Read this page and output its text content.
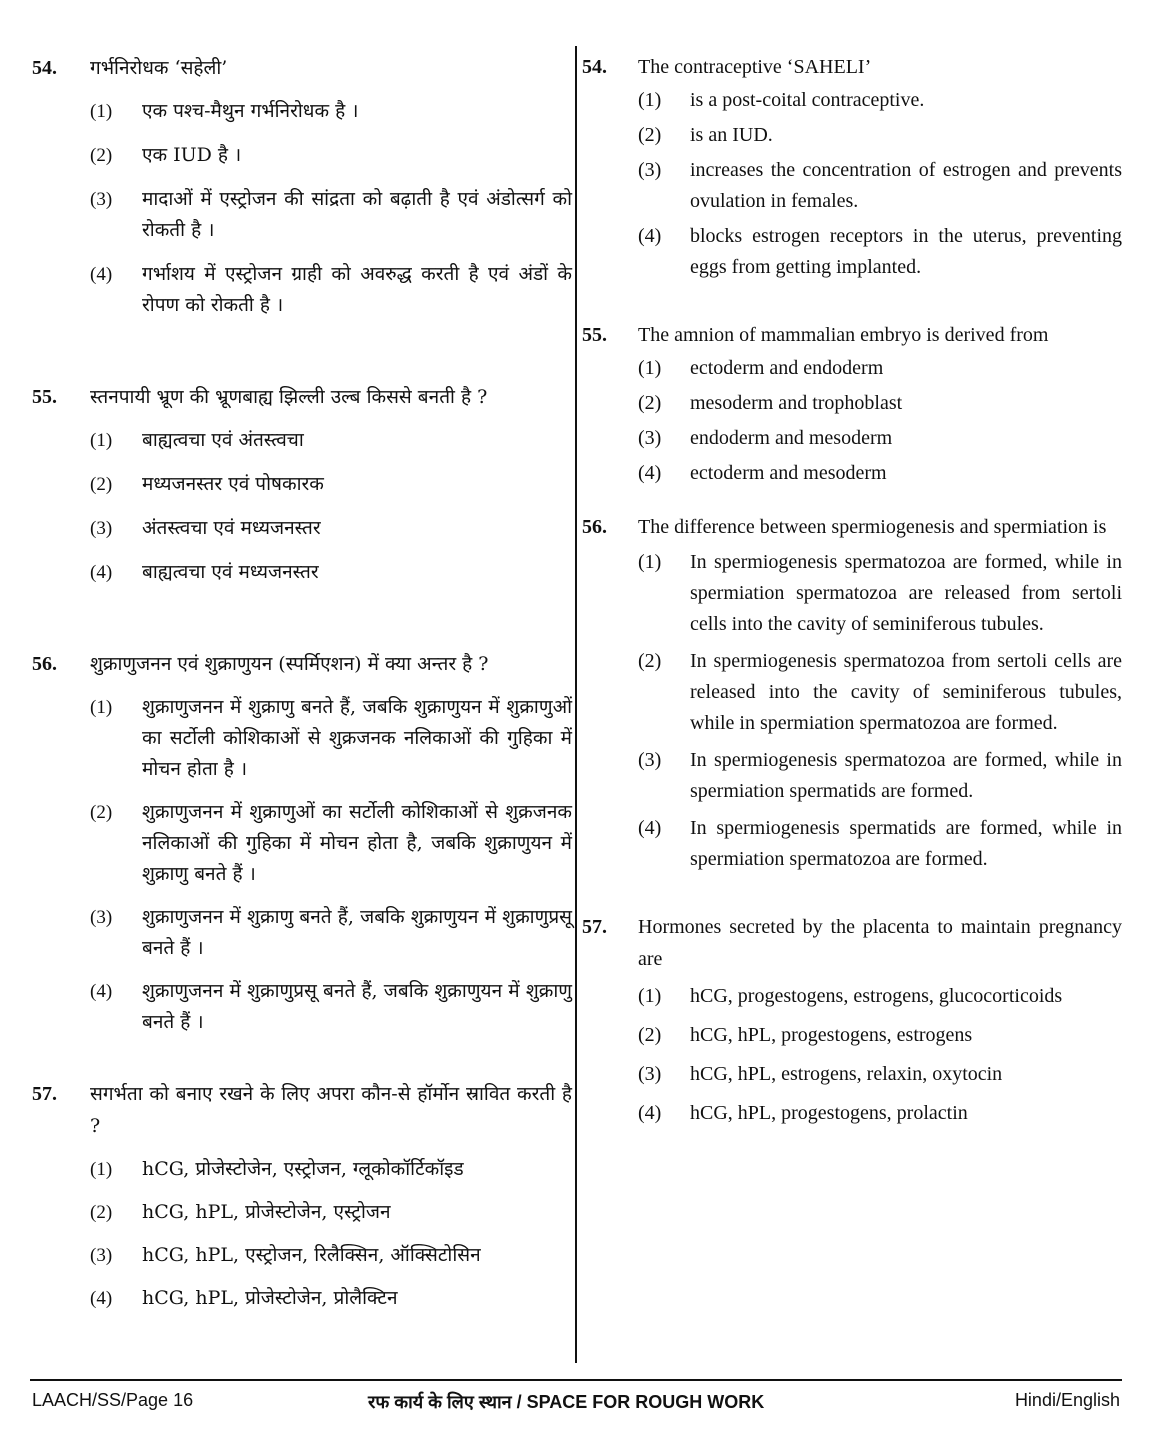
54.	गर्भनिरोधक ‘सहेली’
(1)	एक पश्च-मैथुन गर्भनिरोधक है ।
(2)	एक IUD है ।
(3)	मादाओं में एस्ट्रोजन की सांद्रता को बढ़ाती है एवं अंडोत्सर्ग को रोकती है ।
(4)	गर्भाशय में एस्ट्रोजन ग्राही को अवरुद्ध करती है एवं अंडों के रोपण को रोकती है ।
55.	स्तनपायी भ्रूण की भ्रूणबाह्य झिल्ली उल्ब किससे बनती है ?
(1)	बाह्यत्वचा एवं अंतस्त्वचा
(2)	मध्यजनस्तर एवं पोषकारक
(3)	अंतस्त्वचा एवं मध्यजनस्तर
(4)	बाह्यत्वचा एवं मध्यजनस्तर
56.	शुक्राणुजनन एवं शुक्राणुयन (स्पर्मिएशन) में क्या अन्तर है ?
(1)	शुक्राणुजनन में शुक्राणु बनते हैं, जबकि शुक्राणुयन में शुक्राणुओं का सर्टोली कोशिकाओं से शुक्रजनक नलिकाओं की गुहिका में मोचन होता है ।
(2)	शुक्राणुजनन में शुक्राणुओं का सर्टोली कोशिकाओं से शुक्रजनक नलिकाओं की गुहिका में मोचन होता है, जबकि शुक्राणुयन में शुक्राणु बनते हैं ।
(3)	शुक्राणुजनन में शुक्राणु बनते हैं, जबकि शुक्राणुयन में शुक्राणुप्रसू बनते हैं ।
(4)	शुक्राणुजनन में शुक्राणुप्रसू बनते हैं, जबकि शुक्राणुयन में शुक्राणु बनते हैं ।
57.	सगर्भता को बनाए रखने के लिए अपरा कौन-से हॉर्मोन स्रावित करती है ?
(1)	hCG, प्रोजेस्टोजेन, एस्ट्रोजन, ग्लूकोकॉर्टिकॉइड
(2)	hCG, hPL, प्रोजेस्टोजेन, एस्ट्रोजन
(3)	hCG, hPL, एस्ट्रोजन, रिलैक्सिन, ऑक्सिटोसिन
(4)	hCG, hPL, प्रोजेस्टोजेन, प्रोलैक्टिन
54.	The contraceptive ‘SAHELI’
(1)	is a post-coital contraceptive.
(2)	is an IUD.
(3)	increases the concentration of estrogen and prevents ovulation in females.
(4)	blocks estrogen receptors in the uterus, preventing eggs from getting implanted.
55.	The amnion of mammalian embryo is derived from
(1)	ectoderm and endoderm
(2)	mesoderm and trophoblast
(3)	endoderm and mesoderm
(4)	ectoderm and mesoderm
56.	The difference between spermiogenesis and spermiation is
(1)	In spermiogenesis spermatozoa are formed, while in spermiation spermatozoa are released from sertoli cells into the cavity of seminiferous tubules.
(2)	In spermiogenesis spermatozoa from sertoli cells are released into the cavity of seminiferous tubules, while in spermiation spermatozoa are formed.
(3)	In spermiogenesis spermatozoa are formed, while in spermiation spermatids are formed.
(4)	In spermiogenesis spermatids are formed, while in spermiation spermatozoa are formed.
57.	Hormones secreted by the placenta to maintain pregnancy are
(1)	hCG, progestogens, estrogens, glucocorticoids
(2)	hCG, hPL, progestogens, estrogens
(3)	hCG, hPL, estrogens, relaxin, oxytocin
(4)	hCG, hPL, progestogens, prolactin
LAACH/SS/Page 16	रफ कार्य के लिए स्थान / SPACE FOR ROUGH WORK	Hindi/English
